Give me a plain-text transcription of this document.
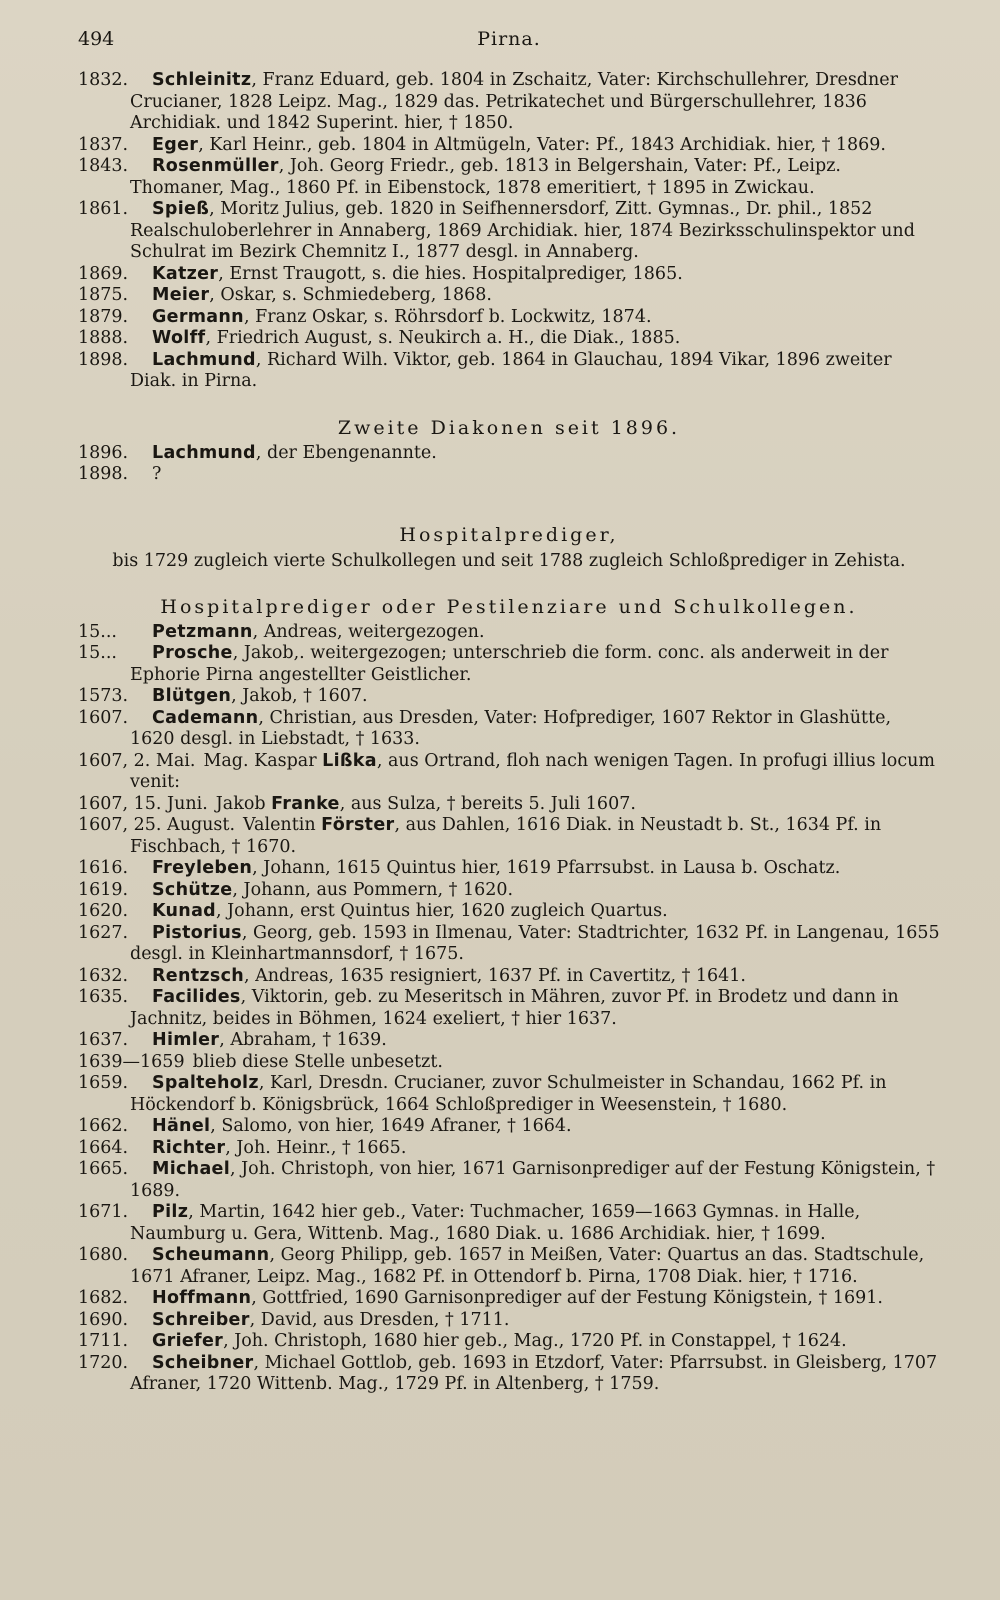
494	Pirna.

1832. Schleinitz, Franz Eduard, geb. 1804 in Zschaitz, Vater: Kirchschullehrer, Dresdner Crucianer, 1828 Leipz. Mag., 1829 das. Petrikatechet und Bürgerschullehrer, 1836 Archidiak. und 1842 Superint. hier, † 1850.

1837. Eger, Karl Heinr., geb. 1804 in Altmügeln, Vater: Pf., 1843 Archidiak. hier, † 1869.

1843. Rosenmüller, Joh. Georg Friedr., geb. 1813 in Belgershain, Vater: Pf., Leipz. Thomaner, Mag., 1860 Pf. in Eibenstock, 1878 emeritiert, † 1895 in Zwickau.

1861. Spieß, Moritz Julius, geb. 1820 in Seifhennersdorf, Zitt. Gymnas., Dr. phil., 1852 Realschuloberlehrer in Annaberg, 1869 Archidiak. hier, 1874 Bezirksschulinspektor und Schulrat im Bezirk Chemnitz I., 1877 desgl. in Annaberg.

1869. Katzer, Ernst Traugott, s. die hies. Hospitalprediger, 1865.

1875. Meier, Oskar, s. Schmiedeberg, 1868.

1879. Germann, Franz Oskar, s. Röhrsdorf b. Lockwitz, 1874.

1888. Wolff, Friedrich August, s. Neukirch a. H., die Diak., 1885.

1898. Lachmund, Richard Wilh. Viktor, geb. 1864 in Glauchau, 1894 Vikar, 1896 zweiter Diak. in Pirna.

Zweite Diakonen seit 1896.

1896. Lachmund, der Ebengenannte.

1898. ?

Hospitalprediger,

bis 1729 zugleich vierte Schulkollegen und seit 1788 zugleich Schloßprediger in Zehista.

Hospitalprediger oder Pestilenziare und Schulkollegen.

15... Petzmann, Andreas, weitergezogen.

15... Prosche, Jakob,. weitergezogen; unterschrieb die form. conc. als anderweit in der Ephorie Pirna angestellter Geistlicher.

1573. Blütgen, Jakob, † 1607.

1607. Cademann, Christian, aus Dresden, Vater: Hofprediger, 1607 Rektor in Glashütte, 1620 desgl. in Liebstadt, † 1633.

1607, 2. Mai. Mag. Kaspar Lißka, aus Ortrand, floh nach wenigen Tagen. In profugi illius locum venit:

1607, 15. Juni. Jakob Franke, aus Sulza, † bereits 5. Juli 1607.

1607, 25. August. Valentin Förster, aus Dahlen, 1616 Diak. in Neustadt b. St., 1634 Pf. in Fischbach, † 1670.

1616. Freyleben, Johann, 1615 Quintus hier, 1619 Pfarrsubst. in Lausa b. Oschatz.

1619. Schütze, Johann, aus Pommern, † 1620.

1620. Kunad, Johann, erst Quintus hier, 1620 zugleich Quartus.

1627. Pistorius, Georg, geb. 1593 in Ilmenau, Vater: Stadtrichter, 1632 Pf. in Langenau, 1655 desgl. in Kleinhartmannsdorf, † 1675.

1632. Rentzsch, Andreas, 1635 resigniert, 1637 Pf. in Cavertitz, † 1641.

1635. Facilides, Viktorin, geb. zu Meseritsch in Mähren, zuvor Pf. in Brodetz und dann in Jachnitz, beides in Böhmen, 1624 exeliert, † hier 1637.

1637. Himler, Abraham, † 1639.

1639—1659 blieb diese Stelle unbesetzt.

1659. Spalteholz, Karl, Dresdn. Crucianer, zuvor Schulmeister in Schandau, 1662 Pf. in Höckendorf b. Königsbrück, 1664 Schloßprediger in Weesenstein, † 1680.

1662. Hänel, Salomo, von hier, 1649 Afraner, † 1664.

1664. Richter, Joh. Heinr., † 1665.

1665. Michael, Joh. Christoph, von hier, 1671 Garnisonprediger auf der Festung Königstein, † 1689.

1671. Pilz, Martin, 1642 hier geb., Vater: Tuchmacher, 1659—1663 Gymnas. in Halle, Naumburg u. Gera, Wittenb. Mag., 1680 Diak. u. 1686 Archidiak. hier, † 1699.

1680. Scheumann, Georg Philipp, geb. 1657 in Meißen, Vater: Quartus an das. Stadtschule, 1671 Afraner, Leipz. Mag., 1682 Pf. in Ottendorf b. Pirna, 1708 Diak. hier, † 1716.

1682. Hoffmann, Gottfried, 1690 Garnisonprediger auf der Festung Königstein, † 1691.

1690. Schreiber, David, aus Dresden, † 1711.

1711. Griefer, Joh. Christoph, 1680 hier geb., Mag., 1720 Pf. in Constappel, † 1624.

1720. Scheibner, Michael Gottlob, geb. 1693 in Etzdorf, Vater: Pfarrsubst. in Gleisberg, 1707 Afraner, 1720 Wittenb. Mag., 1729 Pf. in Altenberg, † 1759.
